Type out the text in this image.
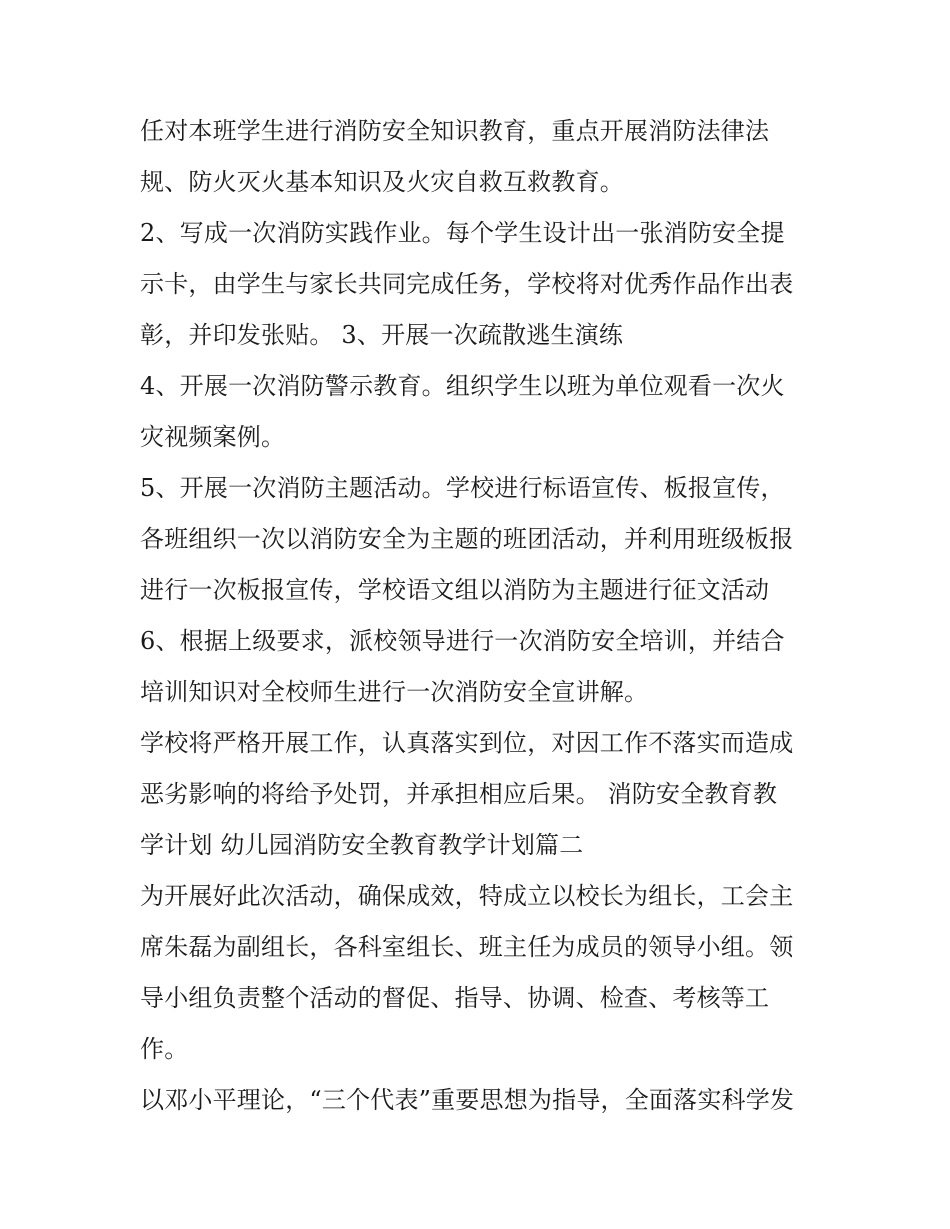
任对本班学生进行消防安全知识教育，重点开展消防法律法
规、防火灭火基本知识及火灾自救互救教育。
2、写成一次消防实践作业。每个学生设计出一张消防安全提
示卡，由学生与家长共同完成任务，学校将对优秀作品作出表
彰，并印发张贴。 3、开展一次疏散逃生演练
4、开展一次消防警示教育。组织学生以班为单位观看一次火
灾视频案例。
5、开展一次消防主题活动。学校进行标语宣传、板报宣传，
各班组织一次以消防安全为主题的班团活动，并利用班级板报
进行一次板报宣传，学校语文组以消防为主题进行征文活动
6、根据上级要求，派校领导进行一次消防安全培训，并结合
培训知识对全校师生进行一次消防安全宣讲解。
学校将严格开展工作，认真落实到位，对因工作不落实而造成
恶劣影响的将给予处罚，并承担相应后果。 消防安全教育教
学计划 幼儿园消防安全教育教学计划篇二
为开展好此次活动，确保成效，特成立以校长为组长，工会主
席朱磊为副组长，各科室组长、班主任为成员的领导小组。领
导小组负责整个活动的督促、指导、协调、检查、考核等工
作。
以邓小平理论，“三个代表”重要思想为指导，全面落实科学发
